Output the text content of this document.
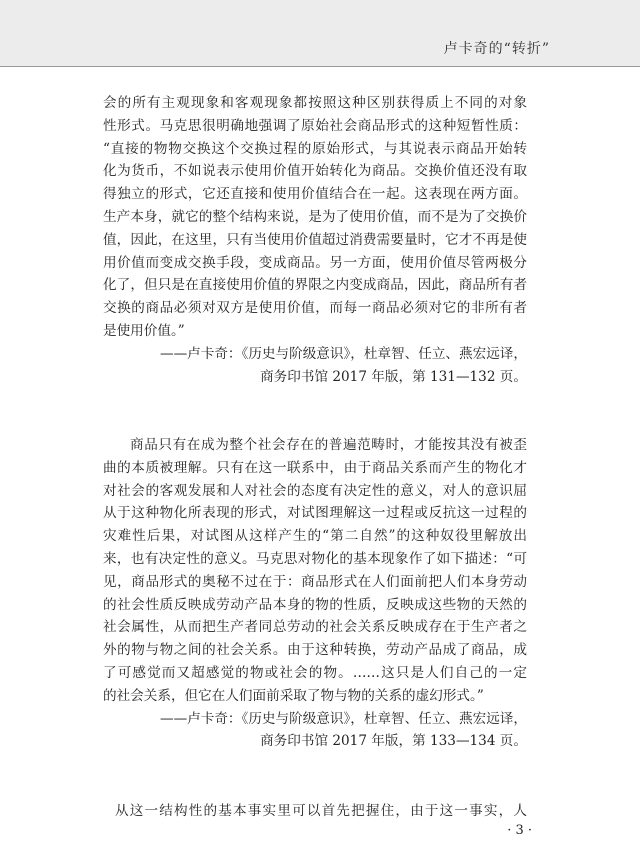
卢卡奇的“转折”
会的所有主观现象和客观现象都按照这种区别获得质上不同的对象
性形式。马克思很明确地强调了原始社会商品形式的这种短暂性质：
“直接的物物交换这个交换过程的原始形式，与其说表示商品开始转
化为货币，不如说表示使用价值开始转化为商品。交换价值还没有取
得独立的形式，它还直接和使用价值结合在一起。这表现在两方面。
生产本身，就它的整个结构来说，是为了使用价值，而不是为了交换价
值，因此，在这里，只有当使用价值超过消费需要量时，它才不再是使
用价值而变成交换手段，变成商品。另一方面，使用价值尽管两极分
化了，但只是在直接使用价值的界限之内变成商品，因此，商品所有者
交换的商品必须对双方是使用价值，而每一商品必须对它的非所有者
是使用价值。”
——卢卡奇：《历史与阶级意识》，杜章智、任立、燕宏远译，
商务印书馆 2017 年版，第 131—132 页。
商品只有在成为整个社会存在的普遍范畴时，才能按其没有被歪
曲的本质被理解。只有在这一联系中，由于商品关系而产生的物化才
对社会的客观发展和人对社会的态度有决定性的意义，对人的意识屈
从于这种物化所表现的形式，对试图理解这一过程或反抗这一过程的
灾难性后果，对试图从这样产生的“第二自然”的这种奴役里解放出
来，也有决定性的意义。马克思对物化的基本现象作了如下描述：“可
见，商品形式的奥秘不过在于：商品形式在人们面前把人们本身劳动
的社会性质反映成劳动产品本身的物的性质，反映成这些物的天然的
社会属性，从而把生产者同总劳动的社会关系反映成存在于生产者之
外的物与物之间的社会关系。由于这种转换，劳动产品成了商品，成
了可感觉而又超感觉的物或社会的物。……这只是人们自己的一定
的社会关系，但它在人们面前采取了物与物的关系的虚幻形式。”
——卢卡奇：《历史与阶级意识》，杜章智、任立、燕宏远译，
商务印书馆 2017 年版，第 133—134 页。
从这一结构性的基本事实里可以首先把握住，由于这一事实，人
· 3 ·
